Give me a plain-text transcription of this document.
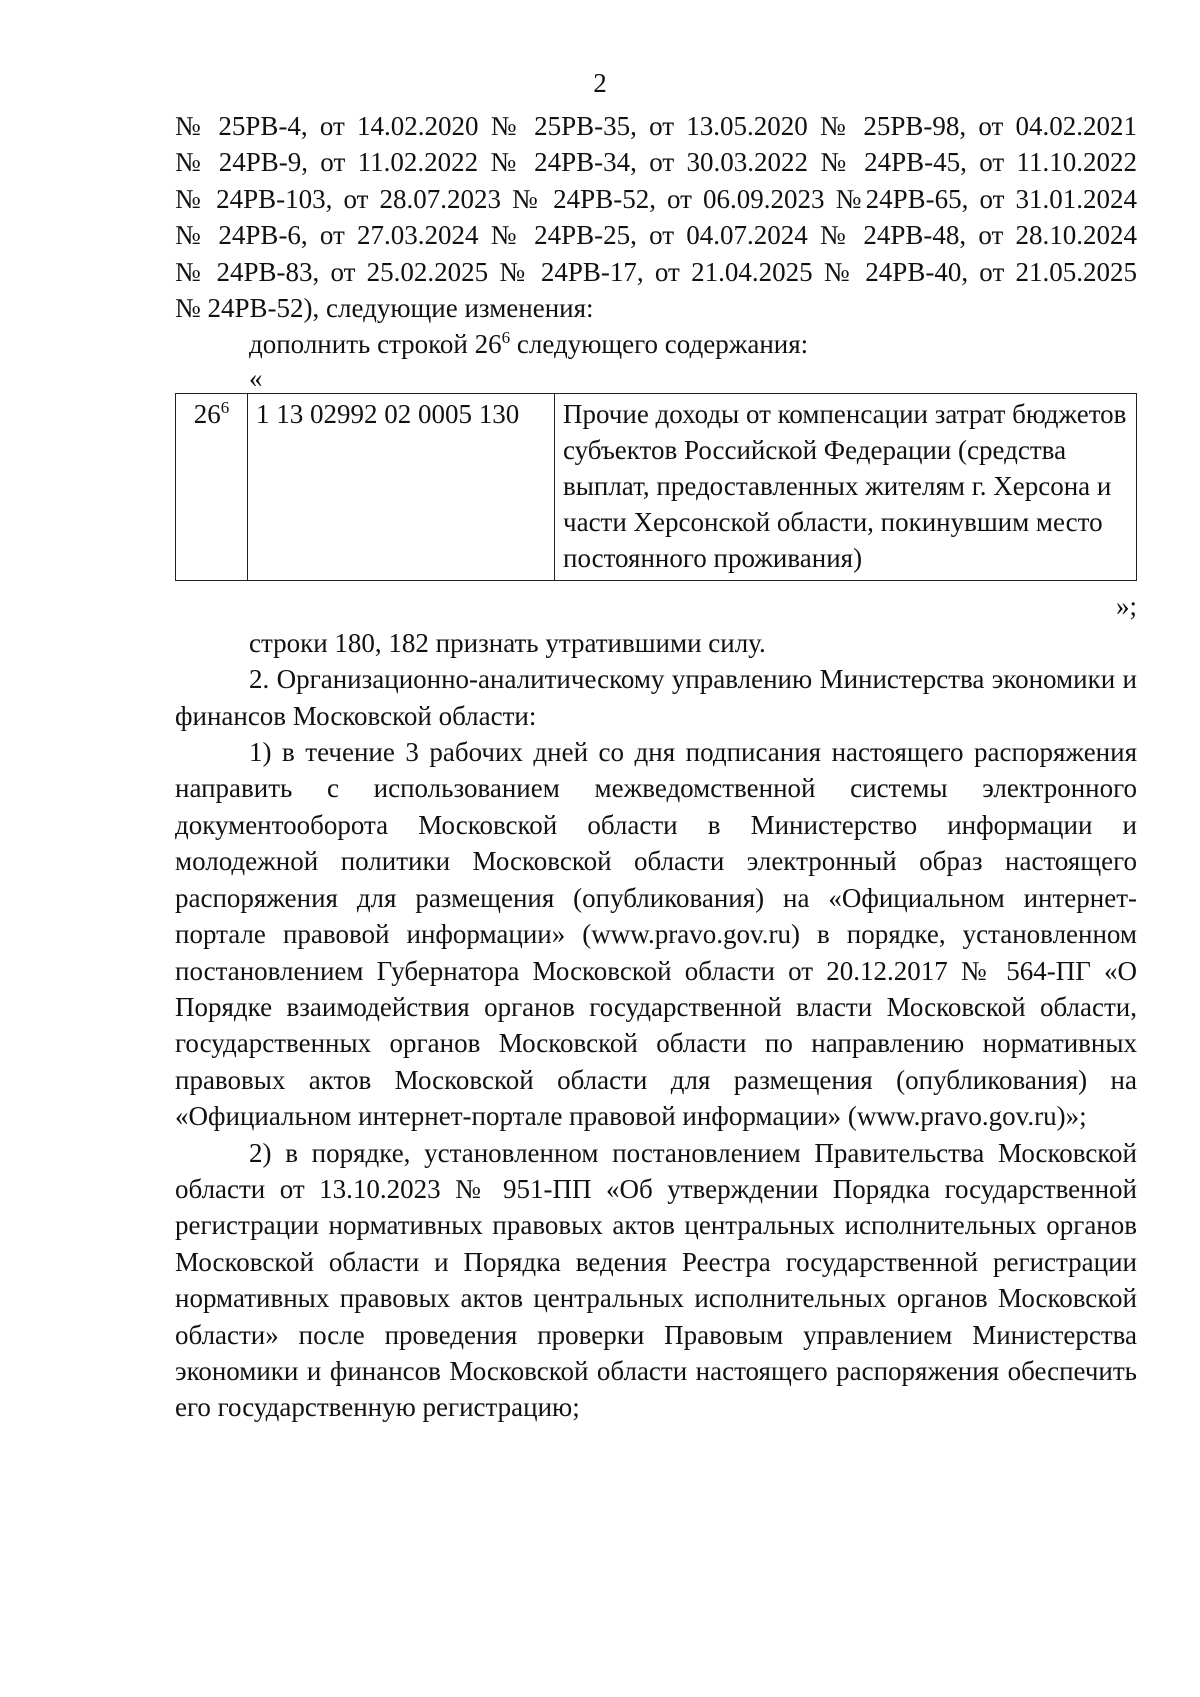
2

№ 25РВ-4, от 14.02.2020 № 25РВ-35, от 13.05.2020 № 25РВ-98, от 04.02.2021

№ 24РВ-9, от 11.02.2022 № 24РВ-34, от 30.03.2022 № 24РВ-45, от 11.10.2022

№ 24РВ-103, от 28.07.2023 № 24РВ-52, от 06.09.2023 №24РВ-65, от 31.01.2024

№ 24РВ-6, от 27.03.2024 № 24РВ-25, от 04.07.2024 № 24РВ-48, от 28.10.2024

№ 24РВ-83, от 25.02.2025 № 24РВ-17, от 21.04.2025 № 24РВ-40, от 21.05.2025

№ 24РВ-52), следующие изменения:

дополнить строкой $26^6$ следующего содержания:

«

$26^6$	1 13 02992 02 0005 130	Прочие доходы от компенсации затрат бюджетов субъектов Российской Федерации (средства выплат, предоставленных жителям г. Херсона и части Херсонской области, покинувшим место постоянного проживания)

»;

строки 180, 182 признать утратившими силу.

2. Организационно-аналитическому управлению Министерства экономики и финансов Московской области:

1) в течение 3 рабочих дней со дня подписания настоящего распоряжения направить с использованием межведомственной системы электронного документооборота Московской области в Министерство информации и молодежной политики Московской области электронный образ настоящего распоряжения для размещения (опубликования) на «Официальном интернет-портале правовой информации» (www.pravo.gov.ru) в порядке, установленном постановлением Губернатора Московской области от 20.12.2017 № 564-ПГ «О Порядке взаимодействия органов государственной власти Московской области, государственных органов Московской области по направлению нормативных правовых актов Московской области для размещения (опубликования) на «Официальном интернет-портале правовой информации» (www.pravo.gov.ru)»;

2) в порядке, установленном постановлением Правительства Московской области от 13.10.2023 № 951-ПП «Об утверждении Порядка государственной регистрации нормативных правовых актов центральных исполнительных органов Московской области и Порядка ведения Реестра государственной регистрации нормативных правовых актов центральных исполнительных органов Московской области» после проведения проверки Правовым управлением Министерства экономики и финансов Московской области настоящего распоряжения обеспечить его государственную регистрацию;
